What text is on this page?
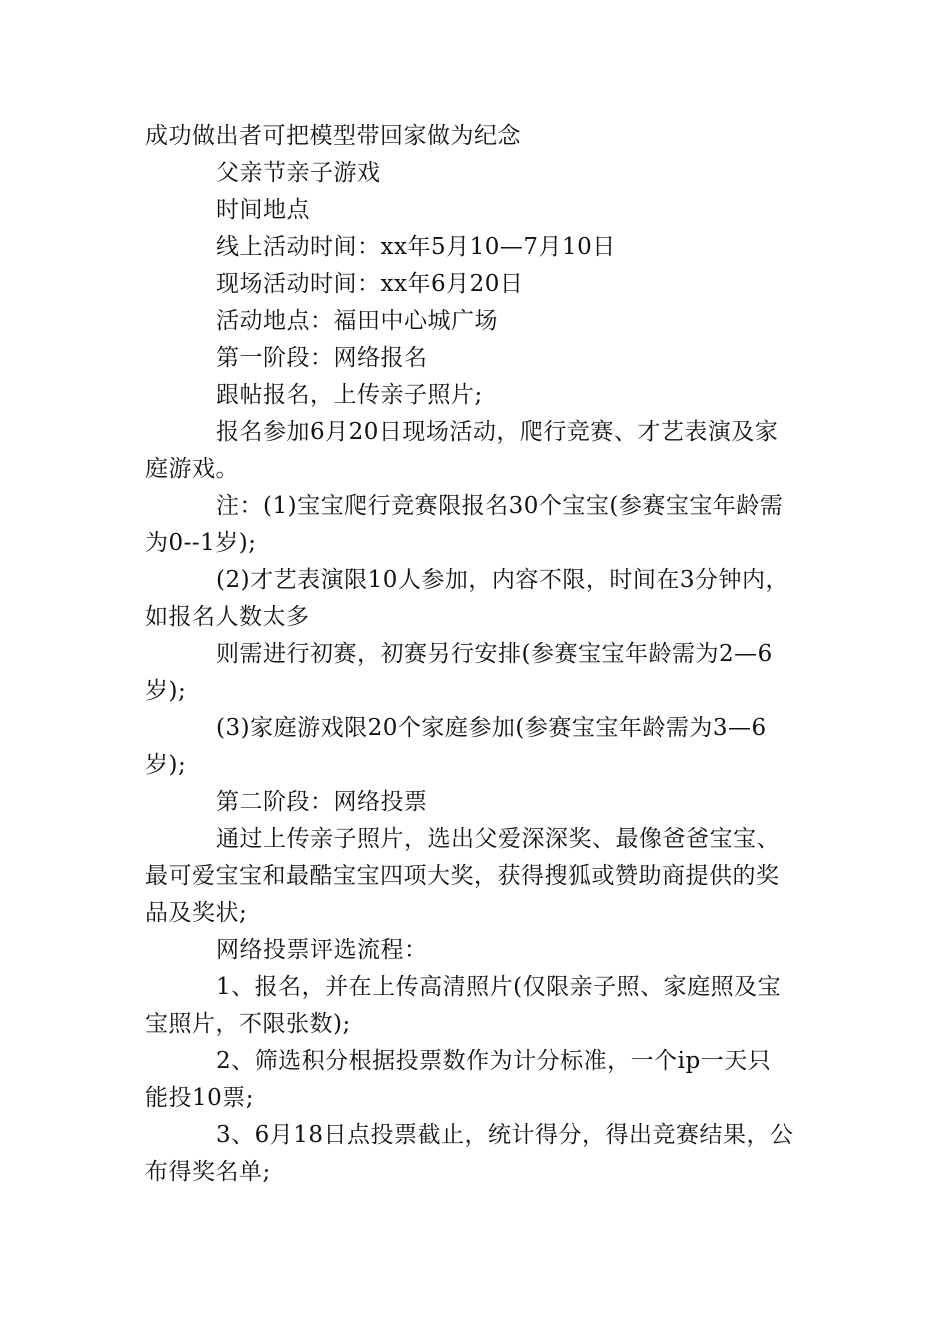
成功做出者可把模型带回家做为纪念
父亲节亲子游戏
时间地点
线上活动时间：xx年5月10—7月10日
现场活动时间：xx年6月20日
活动地点：福田中心城广场
第一阶段：网络报名
跟帖报名，上传亲子照片;
报名参加6月20日现场活动，爬行竞赛、才艺表演及家
庭游戏。
注：(1)宝宝爬行竞赛限报名30个宝宝(参赛宝宝年龄需
为0--1岁);
(2)才艺表演限10人参加，内容不限，时间在3分钟内，
如报名人数太多
则需进行初赛，初赛另行安排(参赛宝宝年龄需为2—6
岁);
(3)家庭游戏限20个家庭参加(参赛宝宝年龄需为3—6
岁);
第二阶段：网络投票
通过上传亲子照片，选出父爱深深奖、最像爸爸宝宝、
最可爱宝宝和最酷宝宝四项大奖，获得搜狐或赞助商提供的奖
品及奖状;
网络投票评选流程：
1、报名，并在上传高清照片(仅限亲子照、家庭照及宝
宝照片，不限张数);
2、筛选积分根据投票数作为计分标准，一个ip一天只
能投10票;
3、6月18日点投票截止，统计得分，得出竞赛结果，公
布得奖名单;
